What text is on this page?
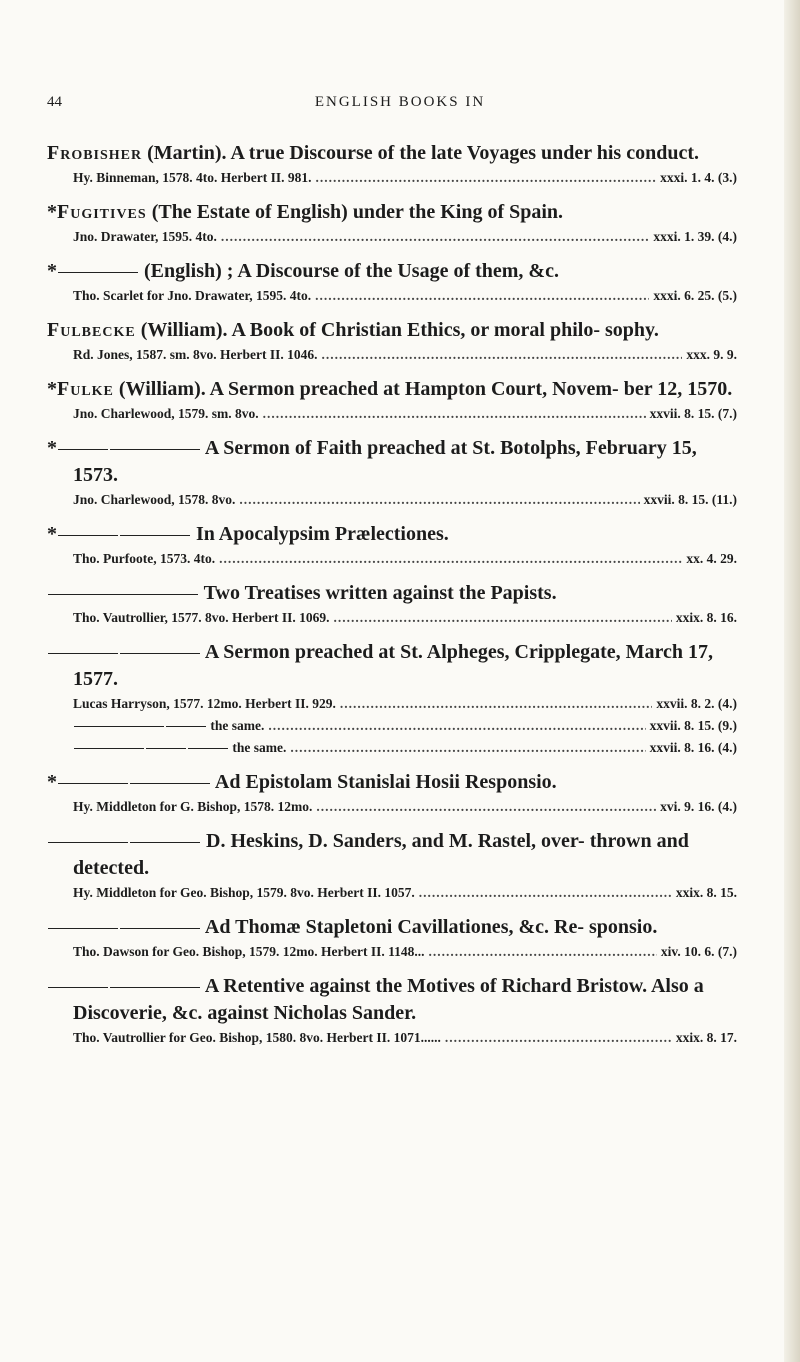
44	ENGLISH BOOKS IN
Frobisher (Martin). A true Discourse of the late Voyages under his conduct.
Hy. Binneman, 1578. 4to. Herbert II. 981. .....	xxxi. 1. 4. (3.)
*Fugitives (The Estate of English) under the King of Spain.
Jno. Drawater, 1595. 4to. .....	xxxi. 1. 39. (4.)
*	(English) ; A Discourse of the Usage of them, &c.
Tho. Scarlet for Jno. Drawater, 1595. 4to. .....	xxxi. 6. 25. (5.)
Fulbecke (William). A Book of Christian Ethics, or moral philo- sophy.
Rd. Jones, 1587. sm. 8vo. Herbert II. 1046. .....	xxx. 9. 9.
*Fulke (William). A Sermon preached at Hampton Court, Novem- ber 12, 1570.
Jno. Charlewood, 1579. sm. 8vo. .....	xxvii. 8. 15. (7.)
*	A Sermon of Faith preached at St. Botolphs, February 15, 1573.
Jno. Charlewood, 1578. 8vo. .....	xxvii. 8. 15. (11.)
*	In Apocalypsim Prælectiones.
Tho. Purfoote, 1573. 4to. .....	xx. 4. 29.
Two Treatises written against the Papists.
Tho. Vautrollier, 1577. 8vo. Herbert II. 1069. .....	xxix. 8. 16.
A Sermon preached at St. Alpheges, Cripplegate, March 17, 1577.
Lucas Harryson, 1577. 12mo. Herbert II. 929. .....	xxvii. 8. 2. (4.)
the same. .....	xxvii. 8. 15. (9.)
the same. .....	xxvii. 8. 16. (4.)
*	Ad Epistolam Stanislai Hosii Responsio.
Hy. Middleton for G. Bishop, 1578. 12mo. .....	xvi. 9. 16. (4.)
D. Heskins, D. Sanders, and M. Rastel, over- thrown and detected.
Hy. Middleton for Geo. Bishop, 1579. 8vo. Herbert II. 1057. .....	xxix. 8. 15.
Ad Thomæ Stapletoni Cavillationes, &c. Re- sponsio.
Tho. Dawson for Geo. Bishop, 1579. 12mo. Herbert II. 1148... .....	xiv. 10. 6. (7.)
A Retentive against the Motives of Richard Bristow. Also a Discoverie, &c. against Nicholas Sander.
Tho. Vautrollier for Geo. Bishop, 1580. 8vo. Herbert II. 1071...... .....	xxix. 8. 17.
